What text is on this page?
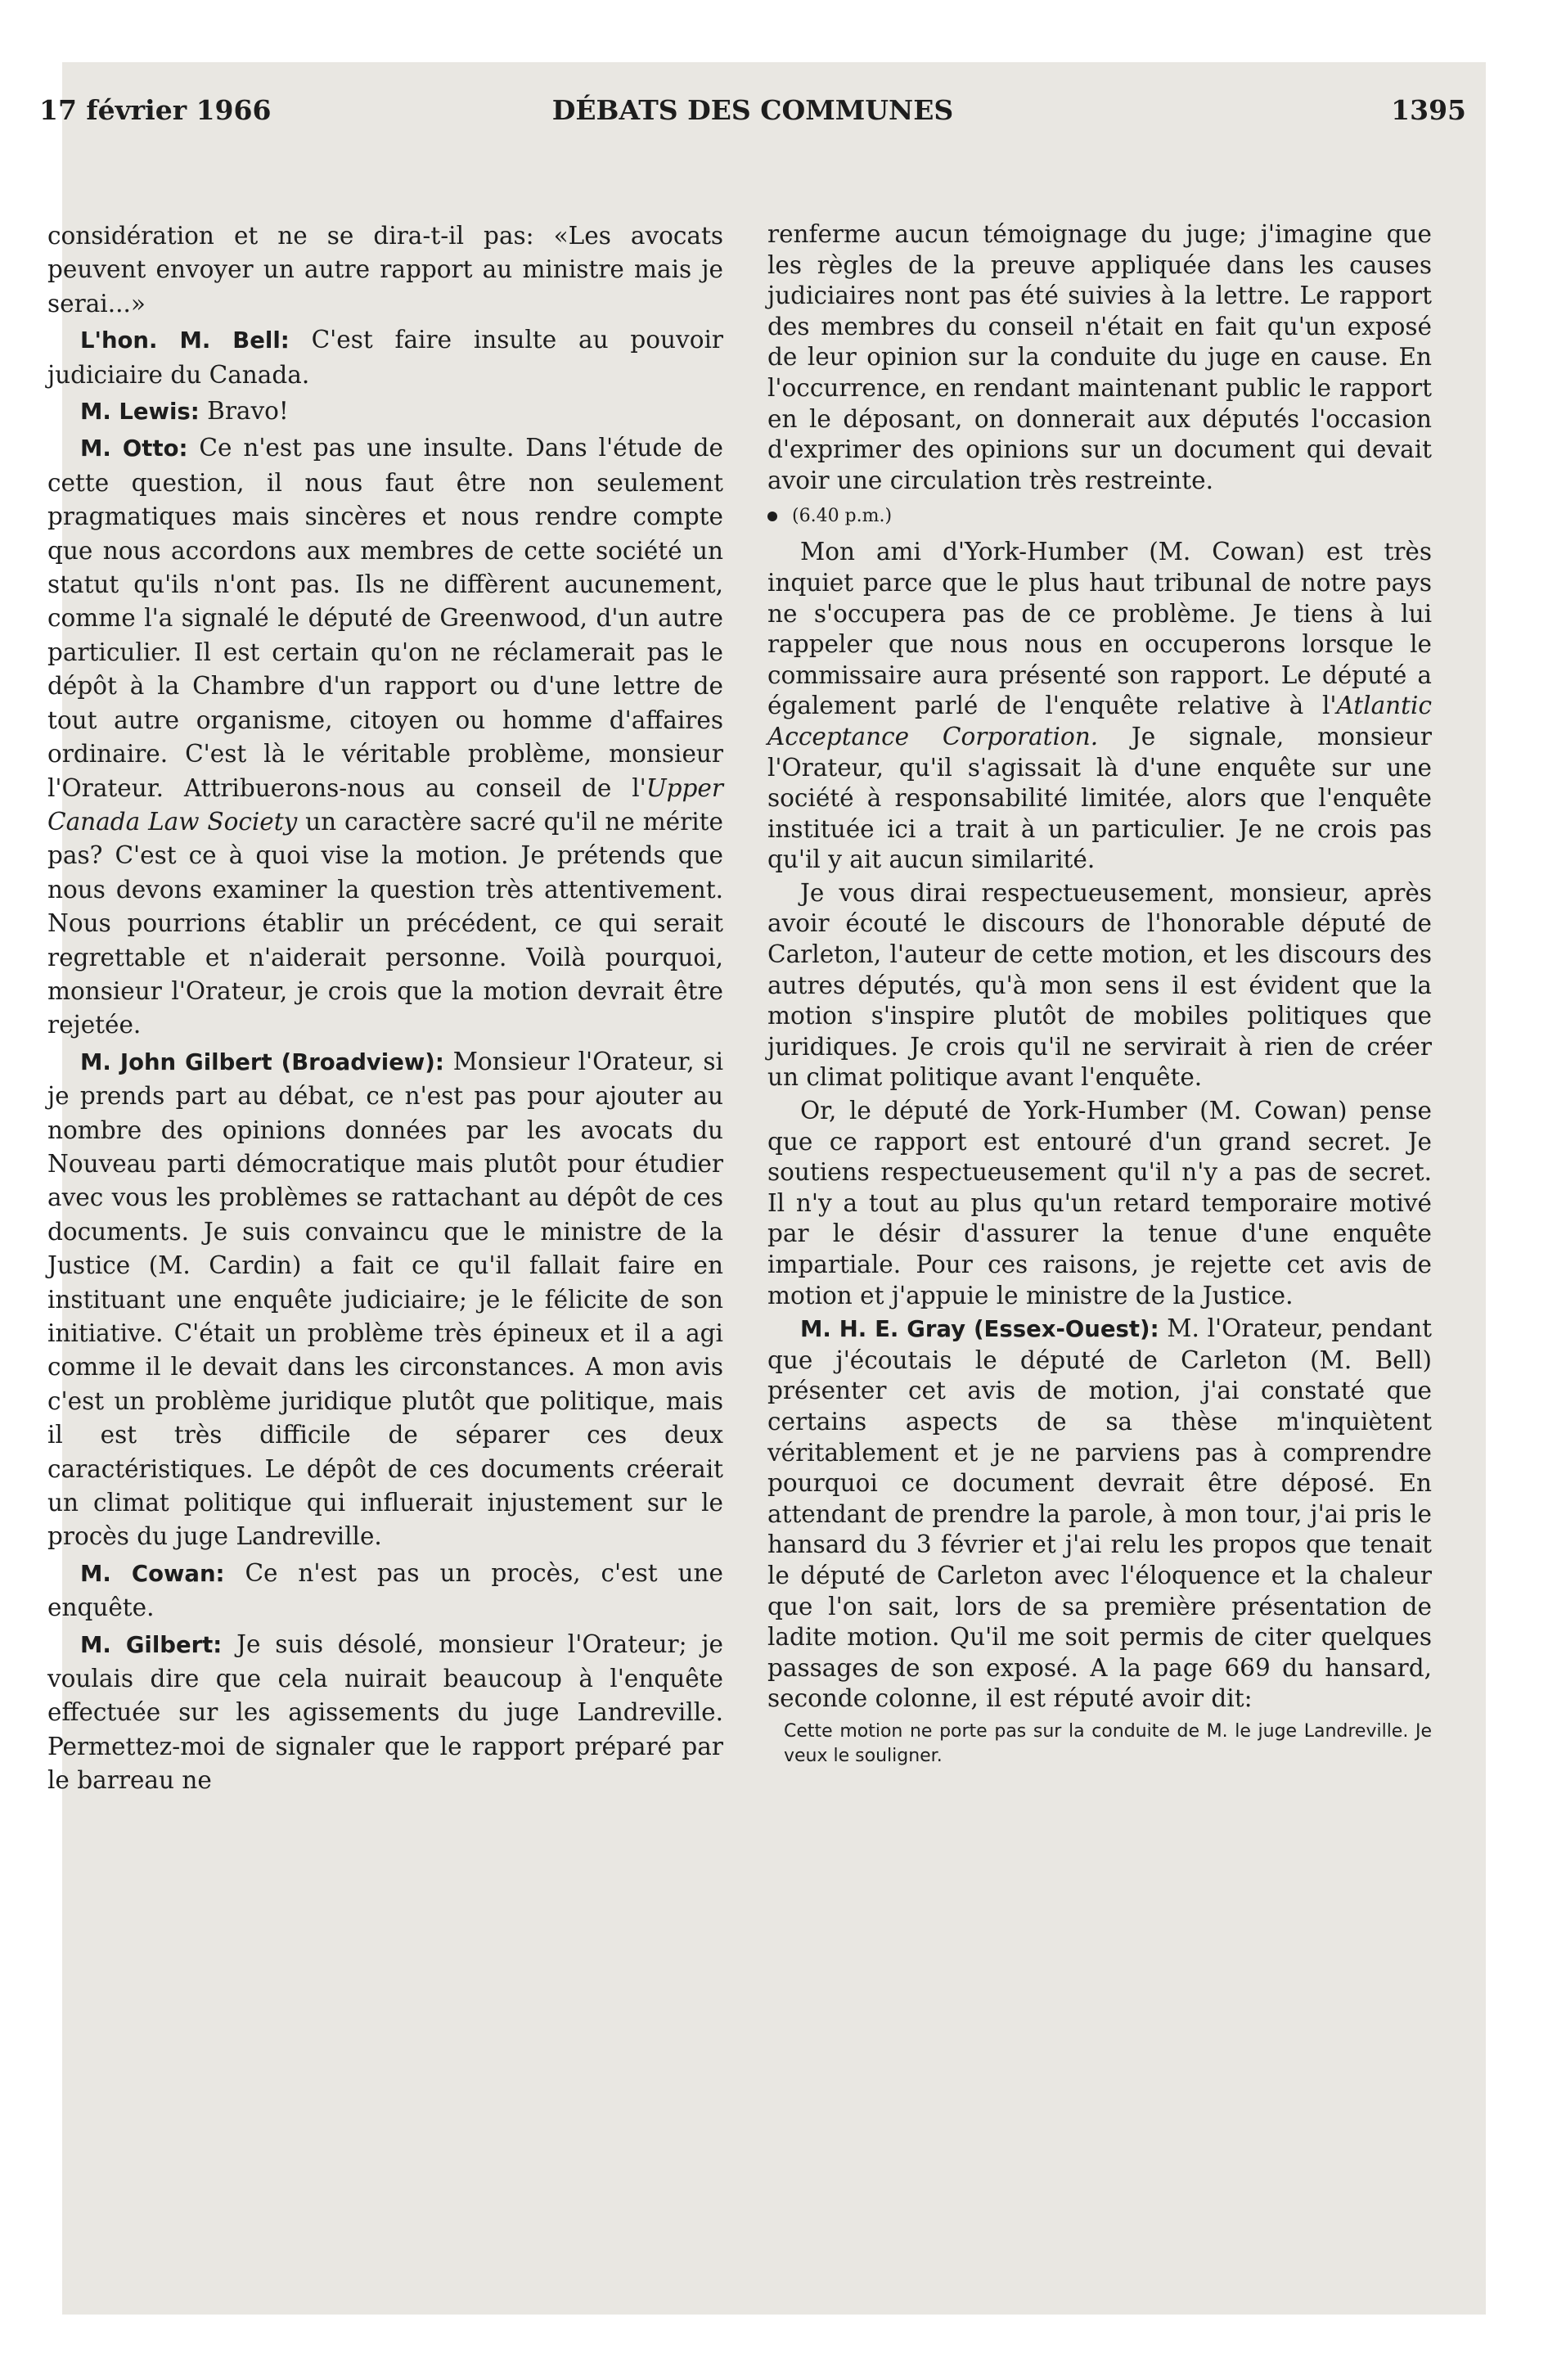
17 février 1966	DÉBATS DES COMMUNES	1395

considération et ne se dira-t-il pas: «Les avocats peuvent envoyer un autre rapport au ministre mais je serai...»

L'hon. M. Bell: C'est faire insulte au pouvoir judiciaire du Canada.

M. Lewis: Bravo!

M. Otto: Ce n'est pas une insulte. Dans l'étude de cette question, il nous faut être non seulement pragmatiques mais sincères et nous rendre compte que nous accordons aux membres de cette société un statut qu'ils n'ont pas. Ils ne diffèrent aucunement, comme l'a signalé le député de Greenwood, d'un autre particulier. Il est certain qu'on ne réclamerait pas le dépôt à la Chambre d'un rapport ou d'une lettre de tout autre organisme, citoyen ou homme d'affaires ordinaire. C'est là le véritable problème, monsieur l'Orateur. Attribuerons-nous au conseil de l'Upper Canada Law Society un caractère sacré qu'il ne mérite pas? C'est ce à quoi vise la motion. Je prétends que nous devons examiner la question très attentivement. Nous pourrions établir un précédent, ce qui serait regrettable et n'aiderait personne. Voilà pourquoi, monsieur l'Orateur, je crois que la motion devrait être rejetée.

M. John Gilbert (Broadview): Monsieur l'Orateur, si je prends part au débat, ce n'est pas pour ajouter au nombre des opinions données par les avocats du Nouveau parti démocratique mais plutôt pour étudier avec vous les problèmes se rattachant au dépôt de ces documents. Je suis convaincu que le ministre de la Justice (M. Cardin) a fait ce qu'il fallait faire en instituant une enquête judiciaire; je le félicite de son initiative. C'était un problème très épineux et il a agi comme il le devait dans les circonstances. A mon avis c'est un problème juridique plutôt que politique, mais il est très difficile de séparer ces deux caractéristiques. Le dépôt de ces documents créerait un climat politique qui influerait injustement sur le procès du juge Landreville.

M. Cowan: Ce n'est pas un procès, c'est une enquête.

M. Gilbert: Je suis désolé, monsieur l'Orateur; je voulais dire que cela nuirait beaucoup à l'enquête effectuée sur les agissements du juge Landreville. Permettez-moi de signaler que le rapport préparé par le barreau ne

renferme aucun témoignage du juge; j'imagine que les règles de la preuve appliquée dans les causes judiciaires nont pas été suivies à la lettre. Le rapport des membres du conseil n'était en fait qu'un exposé de leur opinion sur la conduite du juge en cause. En l'occurrence, en rendant maintenant public le rapport en le déposant, on donnerait aux députés l'occasion d'exprimer des opinions sur un document qui devait avoir une circulation très restreinte.

(6.40 p.m.)

Mon ami d'York-Humber (M. Cowan) est très inquiet parce que le plus haut tribunal de notre pays ne s'occupera pas de ce problème. Je tiens à lui rappeler que nous nous en occuperons lorsque le commissaire aura présenté son rapport. Le député a également parlé de l'enquête relative à l'Atlantic Acceptance Corporation. Je signale, monsieur l'Orateur, qu'il s'agissait là d'une enquête sur une société à responsabilité limitée, alors que l'enquête instituée ici a trait à un particulier. Je ne crois pas qu'il y ait aucun similarité.

Je vous dirai respectueusement, monsieur, après avoir écouté le discours de l'honorable député de Carleton, l'auteur de cette motion, et les discours des autres députés, qu'à mon sens il est évident que la motion s'inspire plutôt de mobiles politiques que juridiques. Je crois qu'il ne servirait à rien de créer un climat politique avant l'enquête.

Or, le député de York-Humber (M. Cowan) pense que ce rapport est entouré d'un grand secret. Je soutiens respectueusement qu'il n'y a pas de secret. Il n'y a tout au plus qu'un retard temporaire motivé par le désir d'assurer la tenue d'une enquête impartiale. Pour ces raisons, je rejette cet avis de motion et j'appuie le ministre de la Justice.

M. H. E. Gray (Essex-Ouest): M. l'Orateur, pendant que j'écoutais le député de Carleton (M. Bell) présenter cet avis de motion, j'ai constaté que certains aspects de sa thèse m'inquiètent véritablement et je ne parviens pas à comprendre pourquoi ce document devrait être déposé. En attendant de prendre la parole, à mon tour, j'ai pris le hansard du 3 février et j'ai relu les propos que tenait le député de Carleton avec l'éloquence et la chaleur que l'on sait, lors de sa première présentation de ladite motion. Qu'il me soit permis de citer quelques passages de son exposé. A la page 669 du hansard, seconde colonne, il est réputé avoir dit:

Cette motion ne porte pas sur la conduite de M. le juge Landreville. Je veux le souligner.
